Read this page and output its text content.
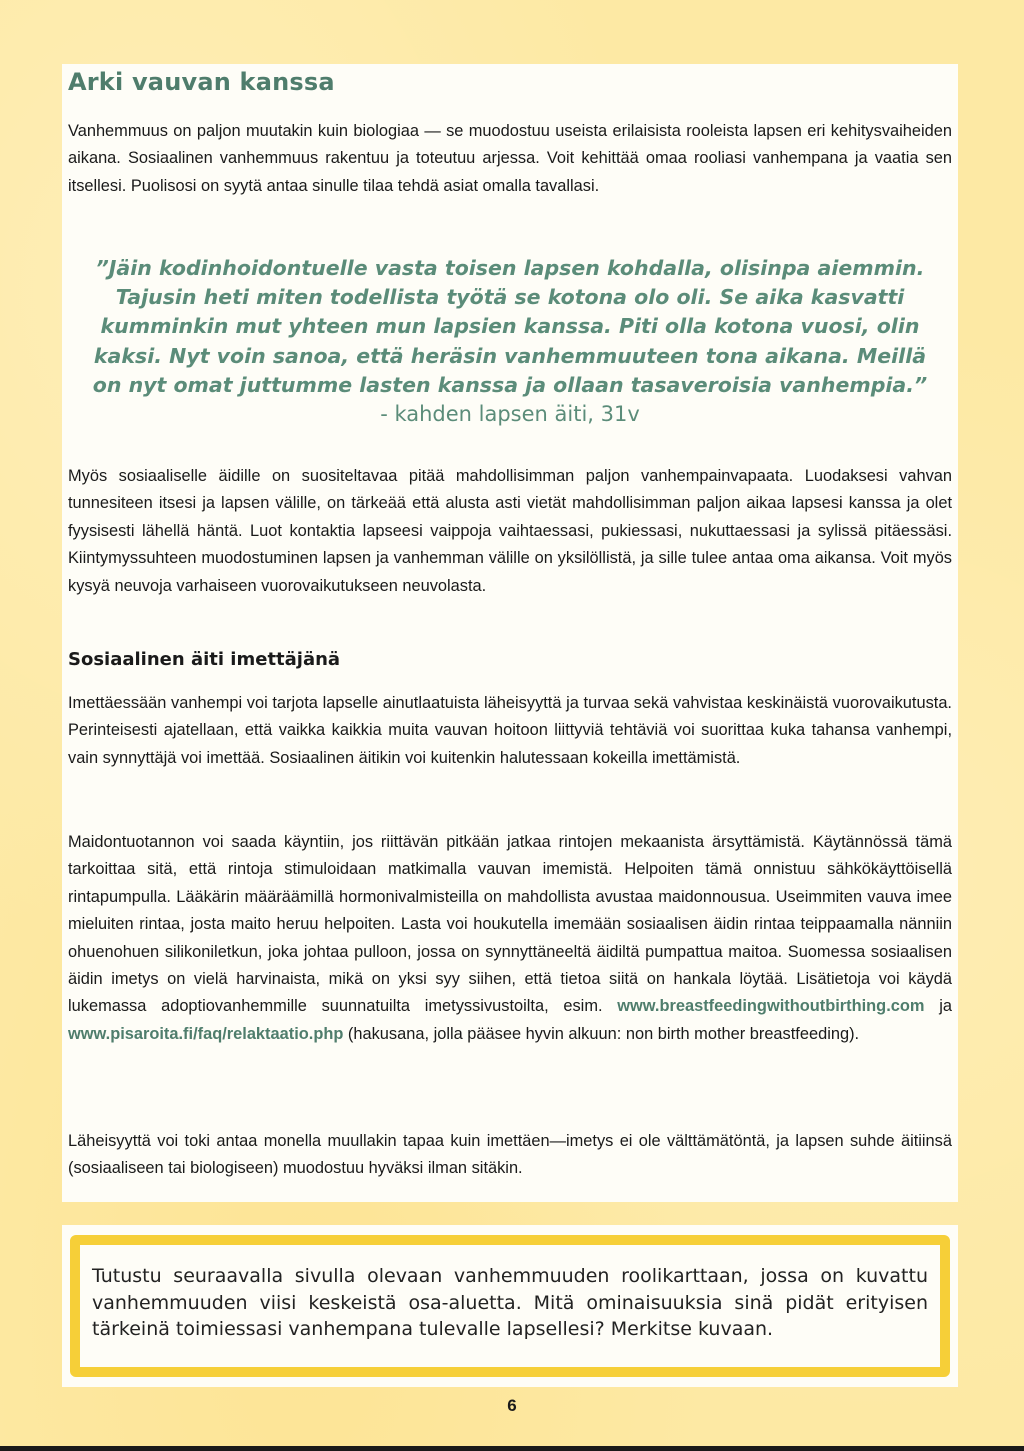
Arki vauvan kanssa

Vanhemmuus on paljon muutakin kuin biologiaa — se muodostuu useista erilaisista rooleista lapsen eri kehitysvaiheiden aikana. Sosiaalinen vanhemmuus rakentuu ja toteutuu arjessa. Voit kehittää omaa rooliasi vanhempana ja vaatia sen itsellesi. Puolisosi on syytä antaa sinulle tilaa tehdä asiat omalla tavallasi.

”Jäin kodinhoidontuelle vasta toisen lapsen kohdalla, olisinpa aiemmin. Tajusin heti miten todellista työtä se kotona olo oli. Se aika kasvatti kumminkin mut yhteen mun lapsien kanssa. Piti olla kotona vuosi, olin kaksi. Nyt voin sanoa, että heräsin vanhemmuuteen tona aikana. Meillä on nyt omat juttumme lasten kanssa ja ollaan tasaveroisia vanhempia.”

- kahden lapsen äiti, 31v

Myös sosiaaliselle äidille on suositeltavaa pitää mahdollisimman paljon vanhempainvapaata. Luodaksesi vahvan tunnesiteen itsesi ja lapsen välille, on tärkeää että alusta asti vietät mahdollisimman paljon aikaa lapsesi kanssa ja olet fyysisesti lähellä häntä. Luot kontaktia lapseesi vaippoja vaihtaessasi, pukiessasi, nukuttaessasi ja sylissä pitäessäsi. Kiintymyssuhteen muodostuminen lapsen ja vanhemman välille on yksilöllistä, ja sille tulee antaa oma aikansa. Voit myös kysyä neuvoja varhaiseen vuorovaikutukseen neuvolasta.

Sosiaalinen äiti imettäjänä

Imettäessään vanhempi voi tarjota lapselle ainutlaatuista läheisyyttä ja turvaa sekä vahvistaa keskinäistä vuorovaikutusta. Perinteisesti ajatellaan, että vaikka kaikkia muita vauvan hoitoon liittyviä tehtäviä voi suorittaa kuka tahansa vanhempi, vain synnyttäjä voi imettää. Sosiaalinen äitikin voi kuitenkin halutessaan kokeilla imettämistä.

Maidontuotannon voi saada käyntiin, jos riittävän pitkään jatkaa rintojen mekaanista ärsyttämistä. Käytännössä tämä tarkoittaa sitä, että rintoja stimuloidaan matkimalla vauvan imemistä. Helpoiten tämä onnistuu sähkökäyttöisellä rintapumpulla. Lääkärin määräämillä hormonivalmisteilla on mahdollista avustaa maidonnousua. Useimmiten vauva imee mieluiten rintaa, josta maito heruu helpoiten. Lasta voi houkutella imemään sosiaalisen äidin rintaa teippaamalla nänniin ohuenohuen silikoniletkun, joka johtaa pulloon, jossa on synnyttäneeltä äidiltä pumpattua maitoa. Suomessa sosiaalisen äidin imetys on vielä harvinaista, mikä on yksi syy siihen, että tietoa siitä on hankala löytää. Lisätietoja voi käydä lukemassa adoptiovanhemmille suunnatuilta imetyssivustoilta, esim. www.breastfeedingwithoutbirthing.com ja www.pisaroita.fi/faq/relaktaatio.php (hakusana, jolla pääsee hyvin alkuun: non birth mother breastfeeding).

Läheisyyttä voi toki antaa monella muullakin tapaa kuin imettäen—imetys ei ole välttämätöntä, ja lapsen suhde äitiinsä (sosiaaliseen tai biologiseen) muodostuu hyväksi ilman sitäkin.

Tutustu seuraavalla sivulla olevaan vanhemmuuden roolikarttaan, jossa on kuvattu vanhemmuuden viisi keskeistä osa-aluetta. Mitä ominaisuuksia sinä pidät erityisen tärkeinä toimiessasi vanhempana tulevalle lapsellesi? Merkitse kuvaan.

6
